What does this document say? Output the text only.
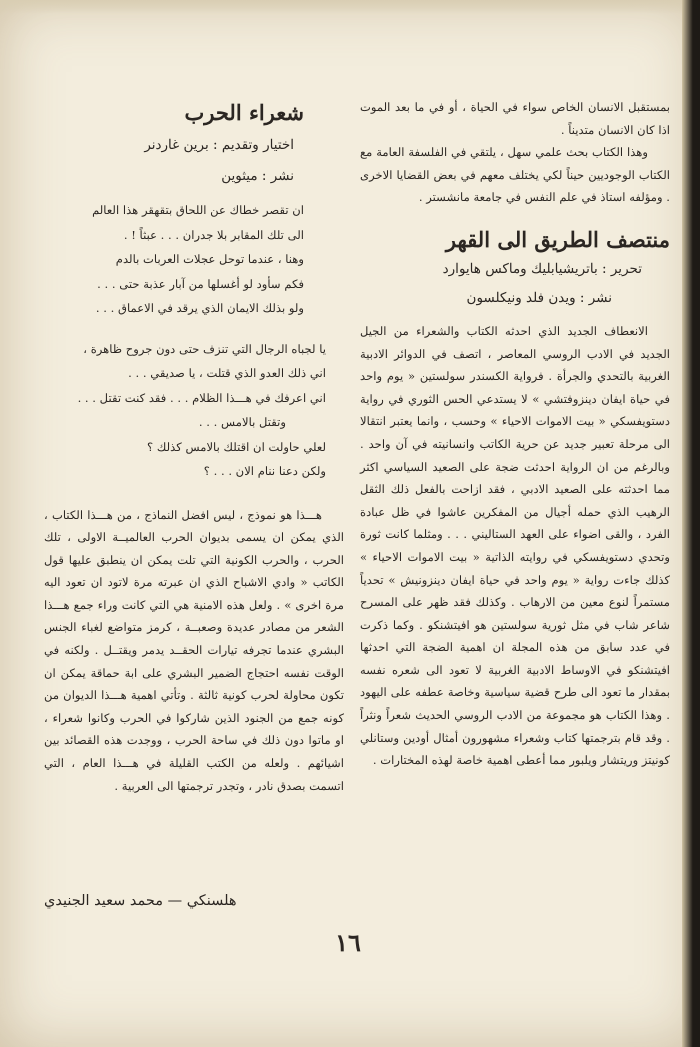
بمستقبل الانسان الخاص سواء في الحياة ، أو في ما بعد الموت اذا كان الانسان متديناً .

وهذا الكتاب بحث علمي سهل ، يلتقي في الفلسفة العامة مع الكتاب الوجوديين حيناً لكي يختلف معهم في بعض القضايا الاخرى . ومؤلفه استاذ في علم النفس في جامعة مانشستر .

منتصف الطريق الى القهر

تحرير : باتريشيابليك وماكس هايوارد

نشر : ويدن فلد ونيكلسون

الانعطاف الجديد الذي احدثه الكتاب والشعراء من الجيل الجديد في الادب الروسي المعاصر ، اتصف في الدوائر الادبية الغربية بالتحدي والجرأة . فرواية الكسندر سولستين « يوم واحد في حياة ايفان دينزوفتشي » لا يستدعي الحس الثوري في رواية دستويفسكي « بيت الاموات الاحياء » وحسب ، وانما يعتبر انتقالا الى مرحلة تعبير جديد عن حرية الكاتب وانسانيته في آن واحد . وبالرغم من ان الرواية احدثت ضجة على الصعيد السياسي اكثر مما احدثته على الصعيد الادبي ، فقد ازاحت بالفعل ذلك الثقل الرهيب الذي حمله أجيال من المفكرين عاشوا في ظل عبادة الفرد ، والقى اضواء على العهد الستاليني . . . ومثلما كانت ثورة وتحدي دستويفسكي في روايته الذاتية « بيت الاموات الاحياء » كذلك جاءت رواية « يوم واحد في حياة ايفان دينزونيش » تحدياً مستمراً لنوع معين من الارهاب . وكذلك فقد ظهر على المسرح شاعر شاب في مثل ثورية سولستين هو افيتشنكو . وكما ذكرت في عدد سابق من هذه المجلة ان اهمية الضجة التي احدثها افيتشنكو في الاوساط الادبية الغربية لا تعود الى شعره نفسه بمقدار ما تعود الى طرح قضية سياسية وخاصة عطفه على اليهود . وهذا الكتاب هو مجموعة من الادب الروسي الحديث شعراً ونثراً . وقد قام بترجمتها كتاب وشعراء مشهورون أمثال أودين وستانلي كونيتز وريتشار ويلبور مما أعطى اهمية خاصة لهذه المختارات .

شعراء الحرب

اختيار وتقديم : برين غاردنر

نشر : ميثوين

ان تقصر خطاك عن اللحاق بتقهقر هذا العالم

الى تلك المقابر بلا جدران . . . عبثاً ! .

وهنا ، عندما توحل عجلات العربات بالدم

فكم سأود لو أغسلها من آبار عذبة حتى . . .

ولو بذلك الايمان الذي يرقد في الاعماق . . .

يا لجباه الرجال التي تنزف حتى دون جروح ظاهرة ،

اني ذلك العدو الذي قتلت ، يا صديقي . . .

اني اعرفك في هـــذا الظلام . . . فقد كنت تقتل . . .

وتقتل بالامس . . .

لعلي حاولت ان اقتلك بالامس كذلك ؟

ولكن دعنا ننام الان . . . ؟

هـــذا هو نموذج ، ليس افضل النماذج ، من هـــذا الكتاب ، الذي يمكن ان يسمى بديوان الحرب العالميــة الاولى ، تلك الحرب ، والحرب الكونية التي تلت يمكن ان ينطبق عليها قول الكاتب « وادي الاشباح الذي ان عبرته مرة لاتود ان تعود اليه مرة اخرى » . ولعل هذه الامنية هي التي كانت وراء جمع هـــذا الشعر من مصادر عديدة وصعبــة ، كرمز متواضع لغباء الجنس البشري عندما تجرفه تيارات الحقــد يدمر ويقتــل . ولكنه في الوقت نفسه احتجاج الضمير البشري على ابة حماقة يمكن ان تكون محاولة لحرب كونية ثالثة . وتأتي اهمية هـــذا الديوان من كونه جمع من الجنود الذين شاركوا في الحرب وكانوا شعراء ، او ماتوا دون ذلك في ساحة الحرب ، ووجدت هذه القصائد بين اشيائهم . ولعله من الكتب القليلة في هـــذا العام ، التي اتسمت بصدق نادر ، وتجدر ترجمتها الى العربية .

هلسنكي — محمد سعيد الجنيدي
١٦
